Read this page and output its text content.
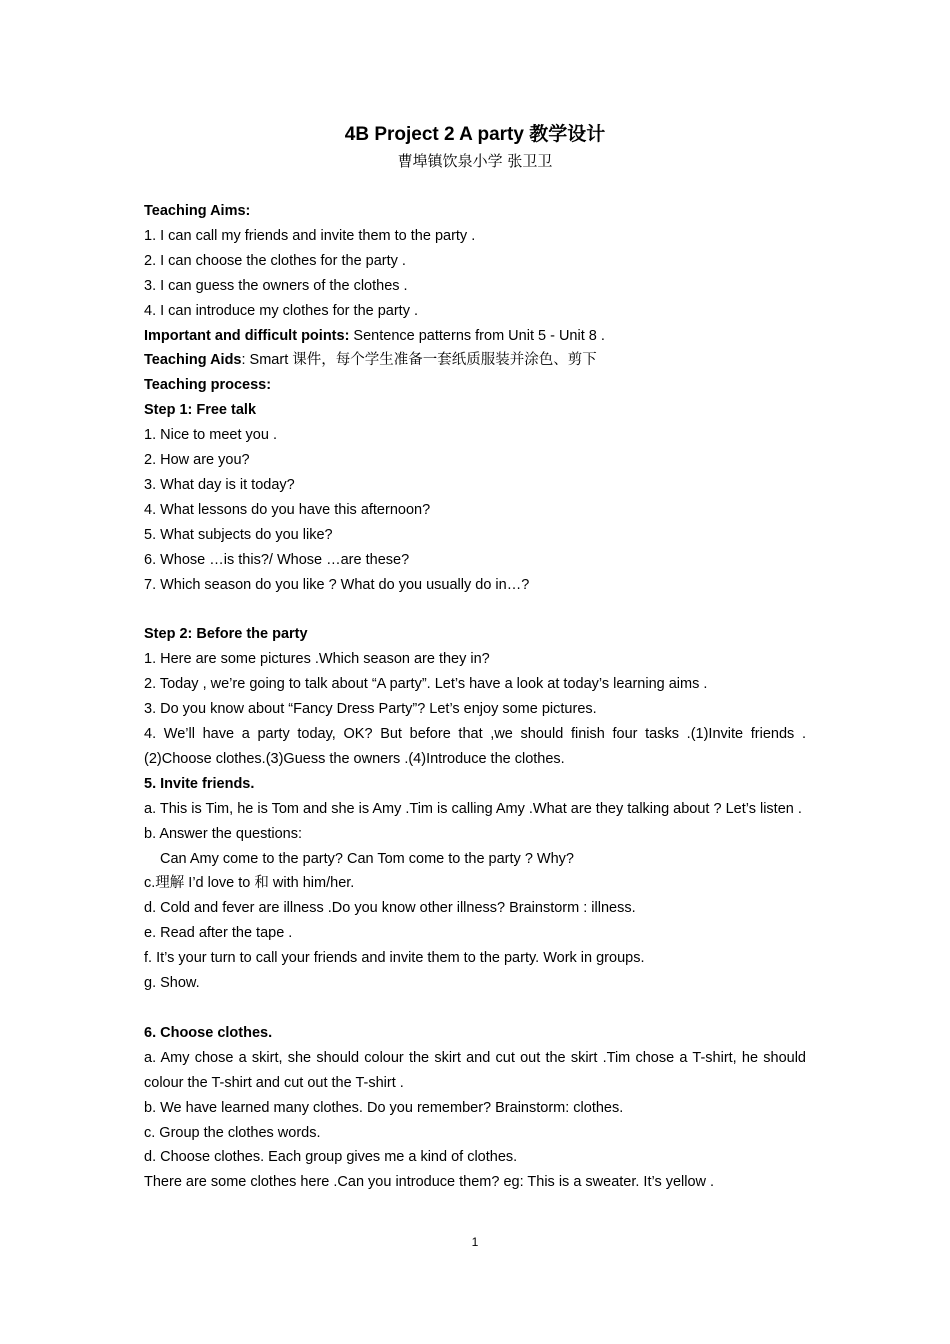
4B Project 2 A party 教学设计
曹埠镇饮泉小学 张卫卫

Teaching Aims:

1. I can call my friends and invite them to the party .

2. I can choose the clothes for the party .

3. I can guess the owners of the clothes .

4. I can introduce my clothes for the party .

Important and difficult points: Sentence patterns from Unit 5 - Unit 8 .

Teaching Aids: Smart 课件，每个学生准备一套纸质服装并涂色、剪下

Teaching process:

Step 1: Free talk

1. Nice to meet you .

2. How are you?

3. What day is it today?

4. What lessons do you have this afternoon?

5. What subjects do you like?

6. Whose …is this?/ Whose …are these?

7. Which season do you like ? What do you usually do in…?

Step 2: Before the party

1. Here are some pictures .Which season are they in?

2. Today , we’re going to talk about “A party”. Let’s have a look at today’s learning aims .

3. Do you know about “Fancy Dress Party”? Let’s enjoy some pictures.

4. We’ll have a party today, OK? But before that ,we should finish four tasks .(1)Invite friends .(2)Choose clothes.(3)Guess the owners .(4)Introduce the clothes.

5. Invite friends.

a. This is Tim, he is Tom and she is Amy .Tim is calling Amy .What are they talking about ? Let’s listen .

b. Answer the questions:

Can Amy come to the party? Can Tom come to the party ? Why?

c.理解 I’d love to 和 with him/her.

d. Cold and fever are illness .Do you know other illness? Brainstorm : illness.

e. Read after the tape .

f. It’s your turn to call your friends and invite them to the party. Work in groups.

g. Show.

6. Choose clothes.

a. Amy chose a skirt, she should colour the skirt and cut out the skirt .Tim chose a T-shirt, he should colour the T-shirt and cut out the T-shirt .

b. We have learned many clothes. Do you remember? Brainstorm: clothes.

c. Group the clothes words.

d. Choose clothes. Each group gives me a kind of clothes.

There are some clothes here .Can you introduce them? eg: This is a sweater. It’s yellow .

1
